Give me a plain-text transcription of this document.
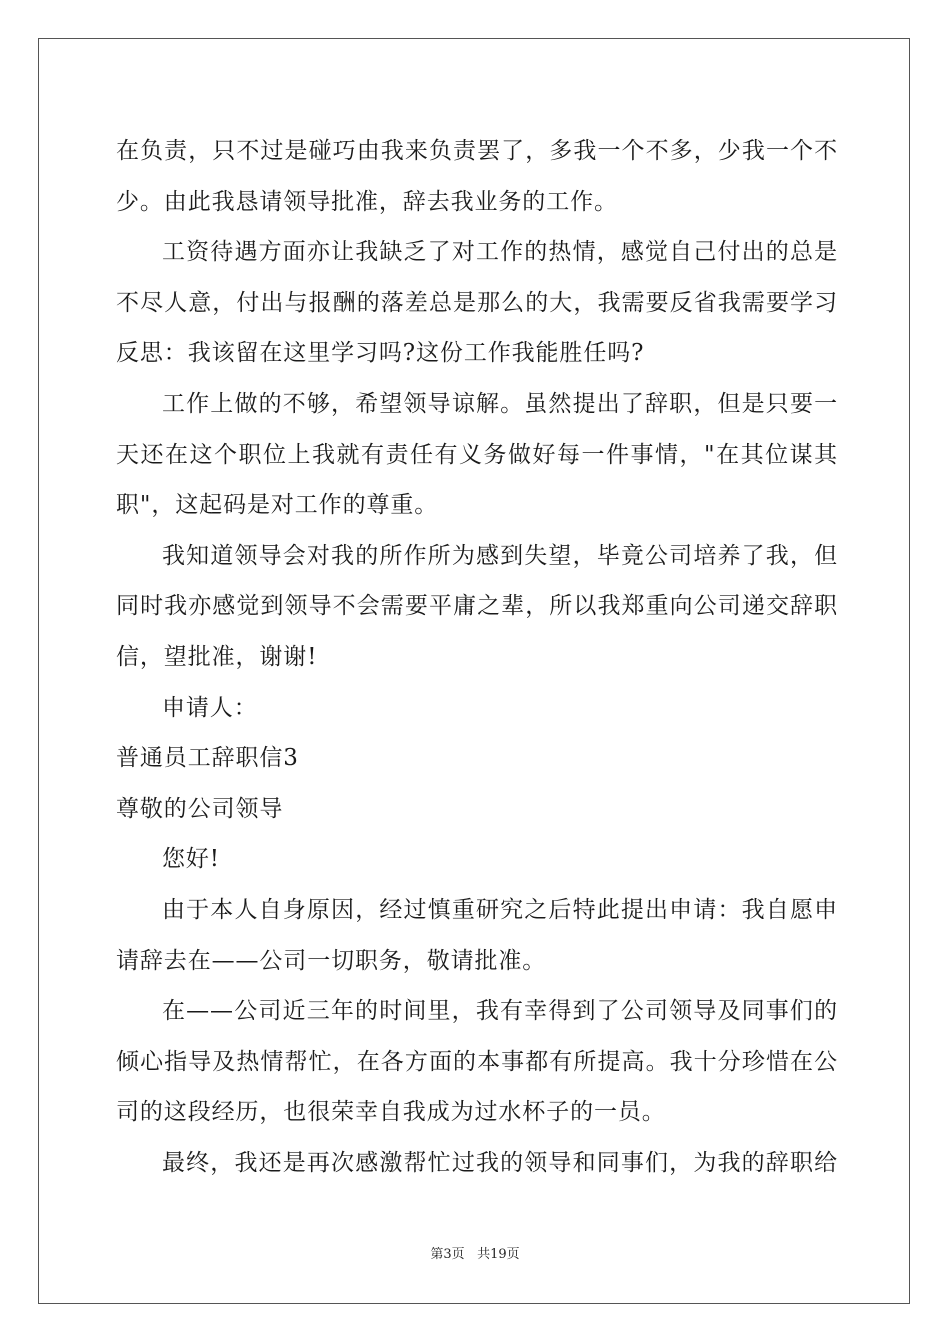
在负责，只不过是碰巧由我来负责罢了，多我一个不多，少我一个不
少。由此我恳请领导批准，辞去我业务的工作。
工资待遇方面亦让我缺乏了对工作的热情，感觉自己付出的总是
不尽人意，付出与报酬的落差总是那么的大，我需要反省我需要学习
反思：我该留在这里学习吗?这份工作我能胜任吗?
工作上做的不够，希望领导谅解。虽然提出了辞职，但是只要一
天还在这个职位上我就有责任有义务做好每一件事情，"在其位谋其
职"，这起码是对工作的尊重。
我知道领导会对我的所作所为感到失望，毕竟公司培养了我，但
同时我亦感觉到领导不会需要平庸之辈，所以我郑重向公司递交辞职
信，望批准，谢谢!
申请人：
普通员工辞职信3
尊敬的公司领导
您好!
由于本人自身原因，经过慎重研究之后特此提出申请：我自愿申
请辞去在——公司一切职务，敬请批准。
在——公司近三年的时间里，我有幸得到了公司领导及同事们的
倾心指导及热情帮忙，在各方面的本事都有所提高。我十分珍惜在公
司的这段经历，也很荣幸自我成为过水杯子的一员。
最终，我还是再次感激帮忙过我的领导和同事们，为我的辞职给
第3页 共19页
